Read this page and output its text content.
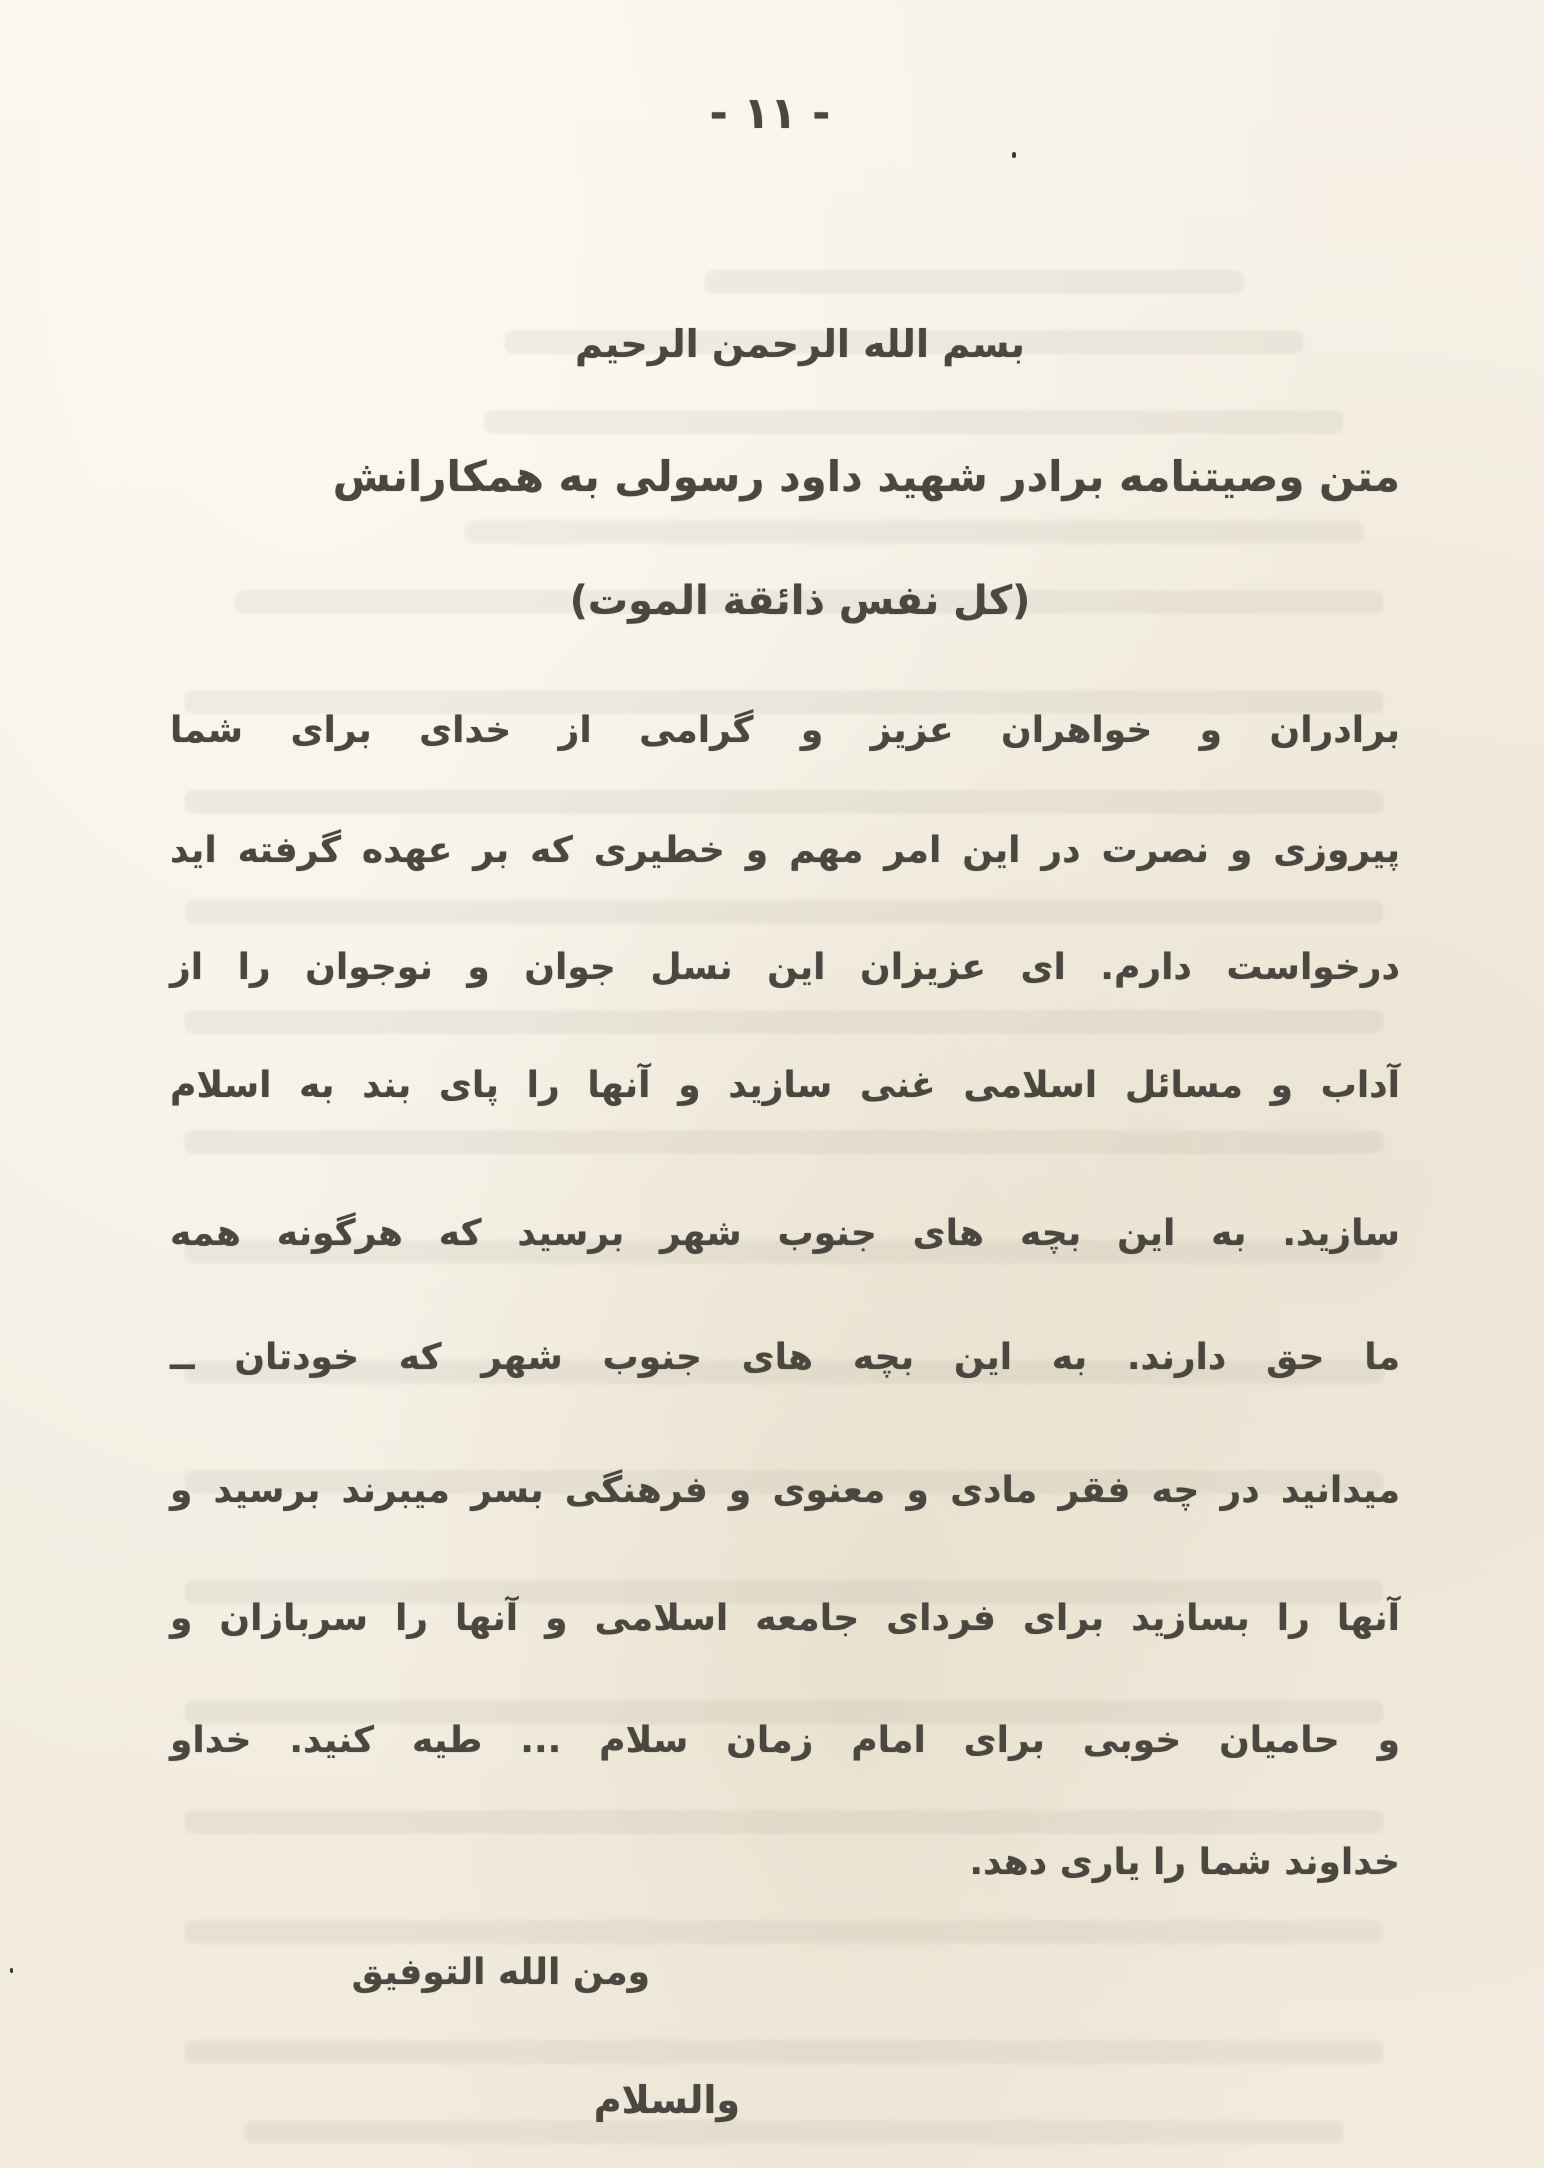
- ١١ -
بسم الله الرحمن الرحیم
متن وصیتنامه برادر شهید داود رسولی به همکارانش
(کل نفس ذائقة الموت)
برادران و خواهران عزیز و گرامی از خدای برای شما
پیروزی و نصرت در این امر مهم و خطیری که بر عهده گرفته اید
درخواست دارم. ای عزیزان این نسل جوان و نوجوان را از
آداب و مسائل اسلامی غنی سازید و آنها را پای بند به اسلام
سازید. به این بچه های جنوب شهر برسید که هرگونه همه
ما حق دارند. به این بچه های جنوب شهر که خودتان ــ
میدانید در چه فقر مادی و معنوی و فرهنگی بسر میبرند برسید و
آنها را بسازید برای فردای جامعه اسلامی و آنها را سربازان و
و حامیان خوبی برای امام زمان سلام ... طیه کنید. خداو
خداوند شما را یاری دهد.
ومن الله التوفیق
والسلام
